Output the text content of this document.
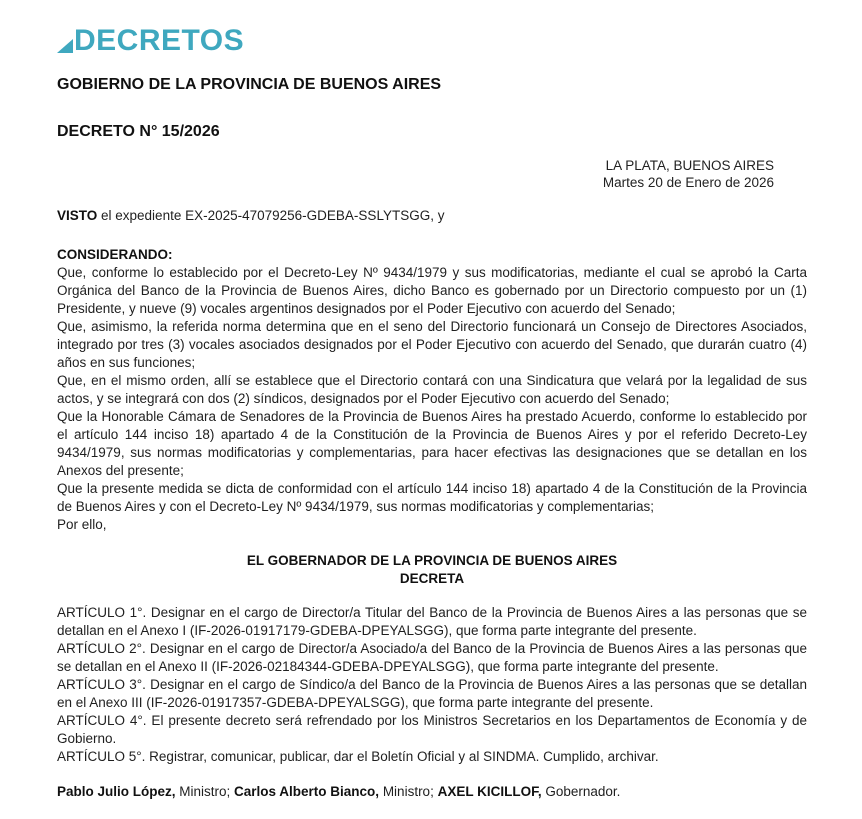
DECRETOS
GOBIERNO DE LA PROVINCIA DE BUENOS AIRES
DECRETO N° 15/2026
LA PLATA, BUENOS AIRES
Martes 20 de Enero de 2026

VISTO el expediente EX-2025-47079256-GDEBA-SSLYTSGG, y

CONSIDERANDO:

Que, conforme lo establecido por el Decreto-Ley Nº 9434/1979 y sus modificatorias, mediante el cual se aprobó la Carta Orgánica del Banco de la Provincia de Buenos Aires, dicho Banco es gobernado por un Directorio compuesto por un (1) Presidente, y nueve (9) vocales argentinos designados por el Poder Ejecutivo con acuerdo del Senado;

Que, asimismo, la referida norma determina que en el seno del Directorio funcionará un Consejo de Directores Asociados, integrado por tres (3) vocales asociados designados por el Poder Ejecutivo con acuerdo del Senado, que durarán cuatro (4) años en sus funciones;

Que, en el mismo orden, allí se establece que el Directorio contará con una Sindicatura que velará por la legalidad de sus actos, y se integrará con dos (2) síndicos, designados por el Poder Ejecutivo con acuerdo del Senado;

Que la Honorable Cámara de Senadores de la Provincia de Buenos Aires ha prestado Acuerdo, conforme lo establecido por el artículo 144 inciso 18) apartado 4 de la Constitución de la Provincia de Buenos Aires y por el referido Decreto-Ley 9434/1979, sus normas modificatorias y complementarias, para hacer efectivas las designaciones que se detallan en los Anexos del presente;

Que la presente medida se dicta de conformidad con el artículo 144 inciso 18) apartado 4 de la Constitución de la Provincia de Buenos Aires y con el Decreto-Ley Nº 9434/1979, sus normas modificatorias y complementarias;

Por ello,

EL GOBERNADOR DE LA PROVINCIA DE BUENOS AIRES
DECRETA

ARTÍCULO 1°. Designar en el cargo de Director/a Titular del Banco de la Provincia de Buenos Aires a las personas que se detallan en el Anexo I (IF-2026-01917179-GDEBA-DPEYALSGG), que forma parte integrante del presente.

ARTÍCULO 2°. Designar en el cargo de Director/a Asociado/a del Banco de la Provincia de Buenos Aires a las personas que se detallan en el Anexo II (IF-2026-02184344-GDEBA-DPEYALSGG), que forma parte integrante del presente.

ARTÍCULO 3°. Designar en el cargo de Síndico/a del Banco de la Provincia de Buenos Aires a las personas que se detallan en el Anexo III (IF-2026-01917357-GDEBA-DPEYALSGG), que forma parte integrante del presente.

ARTÍCULO 4°. El presente decreto será refrendado por los Ministros Secretarios en los Departamentos de Economía y de Gobierno.

ARTÍCULO 5°. Registrar, comunicar, publicar, dar el Boletín Oficial y al SINDMA. Cumplido, archivar.

Pablo Julio López, Ministro; Carlos Alberto Bianco, Ministro; AXEL KICILLOF, Gobernador.
